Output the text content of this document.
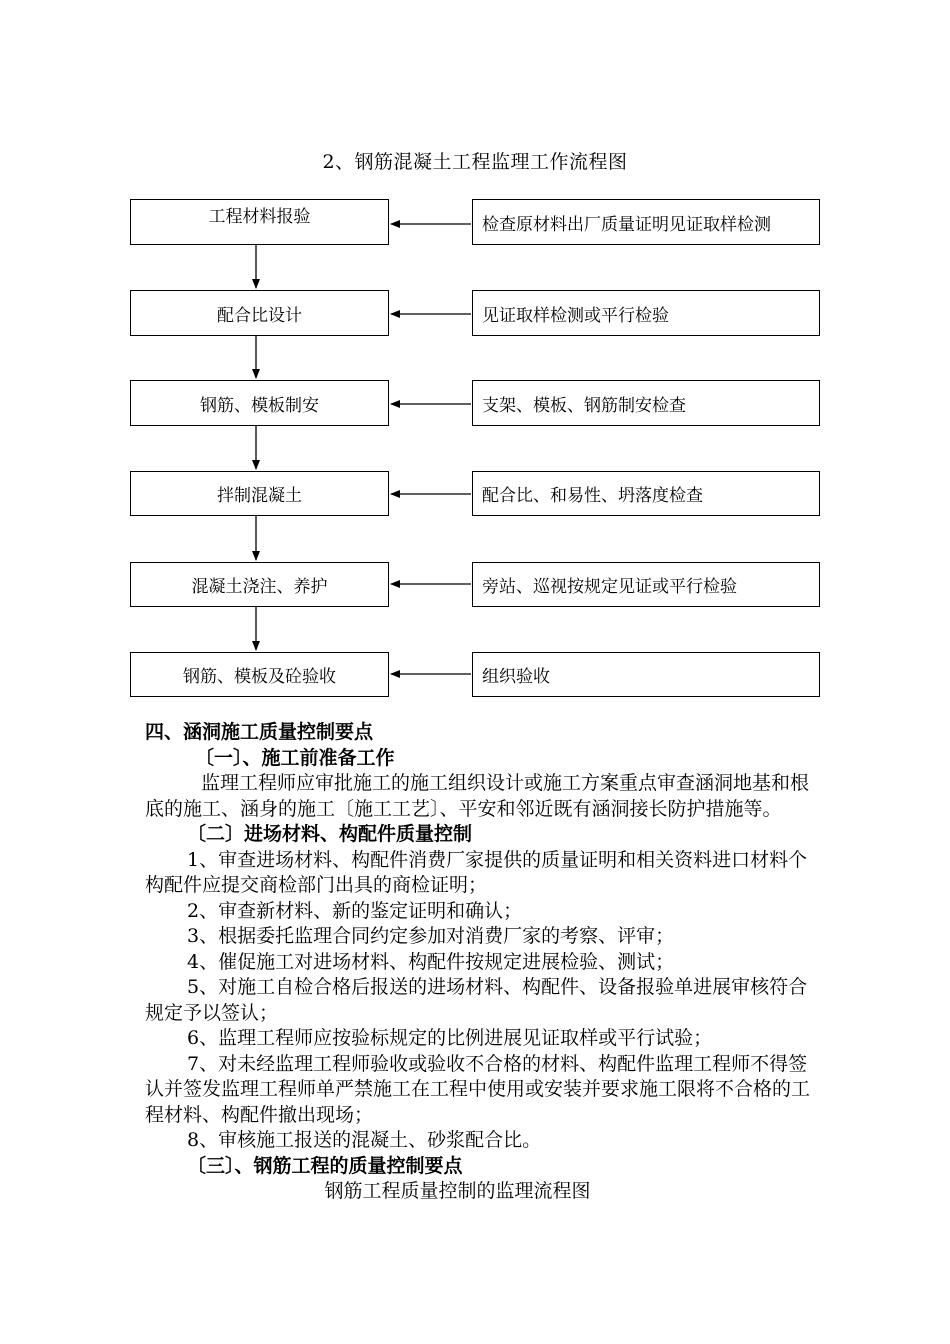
2、钢筋混凝土工程监理工作流程图
工程材料报验
配合比设计
钢筋、模板制安
拌制混凝土
混凝土浇注、养护
钢筋、模板及砼验收
检查原材料出厂质量证明见证取样检测
见证取样检测或平行检验
支架、模板、钢筋制安检查
配合比、和易性、坍落度检查
旁站、巡视按规定见证或平行检验
组织验收

四、涵洞施工质量控制要点

〔一〕、施工前准备工作

监理工程师应审批施工的施工组织设计或施工方案重点审查涵洞地基和根底的施工、涵身的施工〔施工工艺〕、平安和邻近既有涵洞接长防护措施等。

〔二〕进场材料、构配件质量控制

1、审查进场材料、构配件消费厂家提供的质量证明和相关资料进口材料个构配件应提交商检部门出具的商检证明；

2、审查新材料、新的鉴定证明和确认；

3、根据委托监理合同约定参加对消费厂家的考察、评审；

4、催促施工对进场材料、构配件按规定进展检验、测试；

5、对施工自检合格后报送的进场材料、构配件、设备报验单进展审核符合规定予以签认；

6、监理工程师应按验标规定的比例进展见证取样或平行试验；

7、对未经监理工程师验收或验收不合格的材料、构配件监理工程师不得签认并签发监理工程师单严禁施工在工程中使用或安装并要求施工限将不合格的工程材料、构配件撤出现场；

8、审核施工报送的混凝土、砂浆配合比。

〔三〕、钢筋工程的质量控制要点

钢筋工程质量控制的监理流程图
